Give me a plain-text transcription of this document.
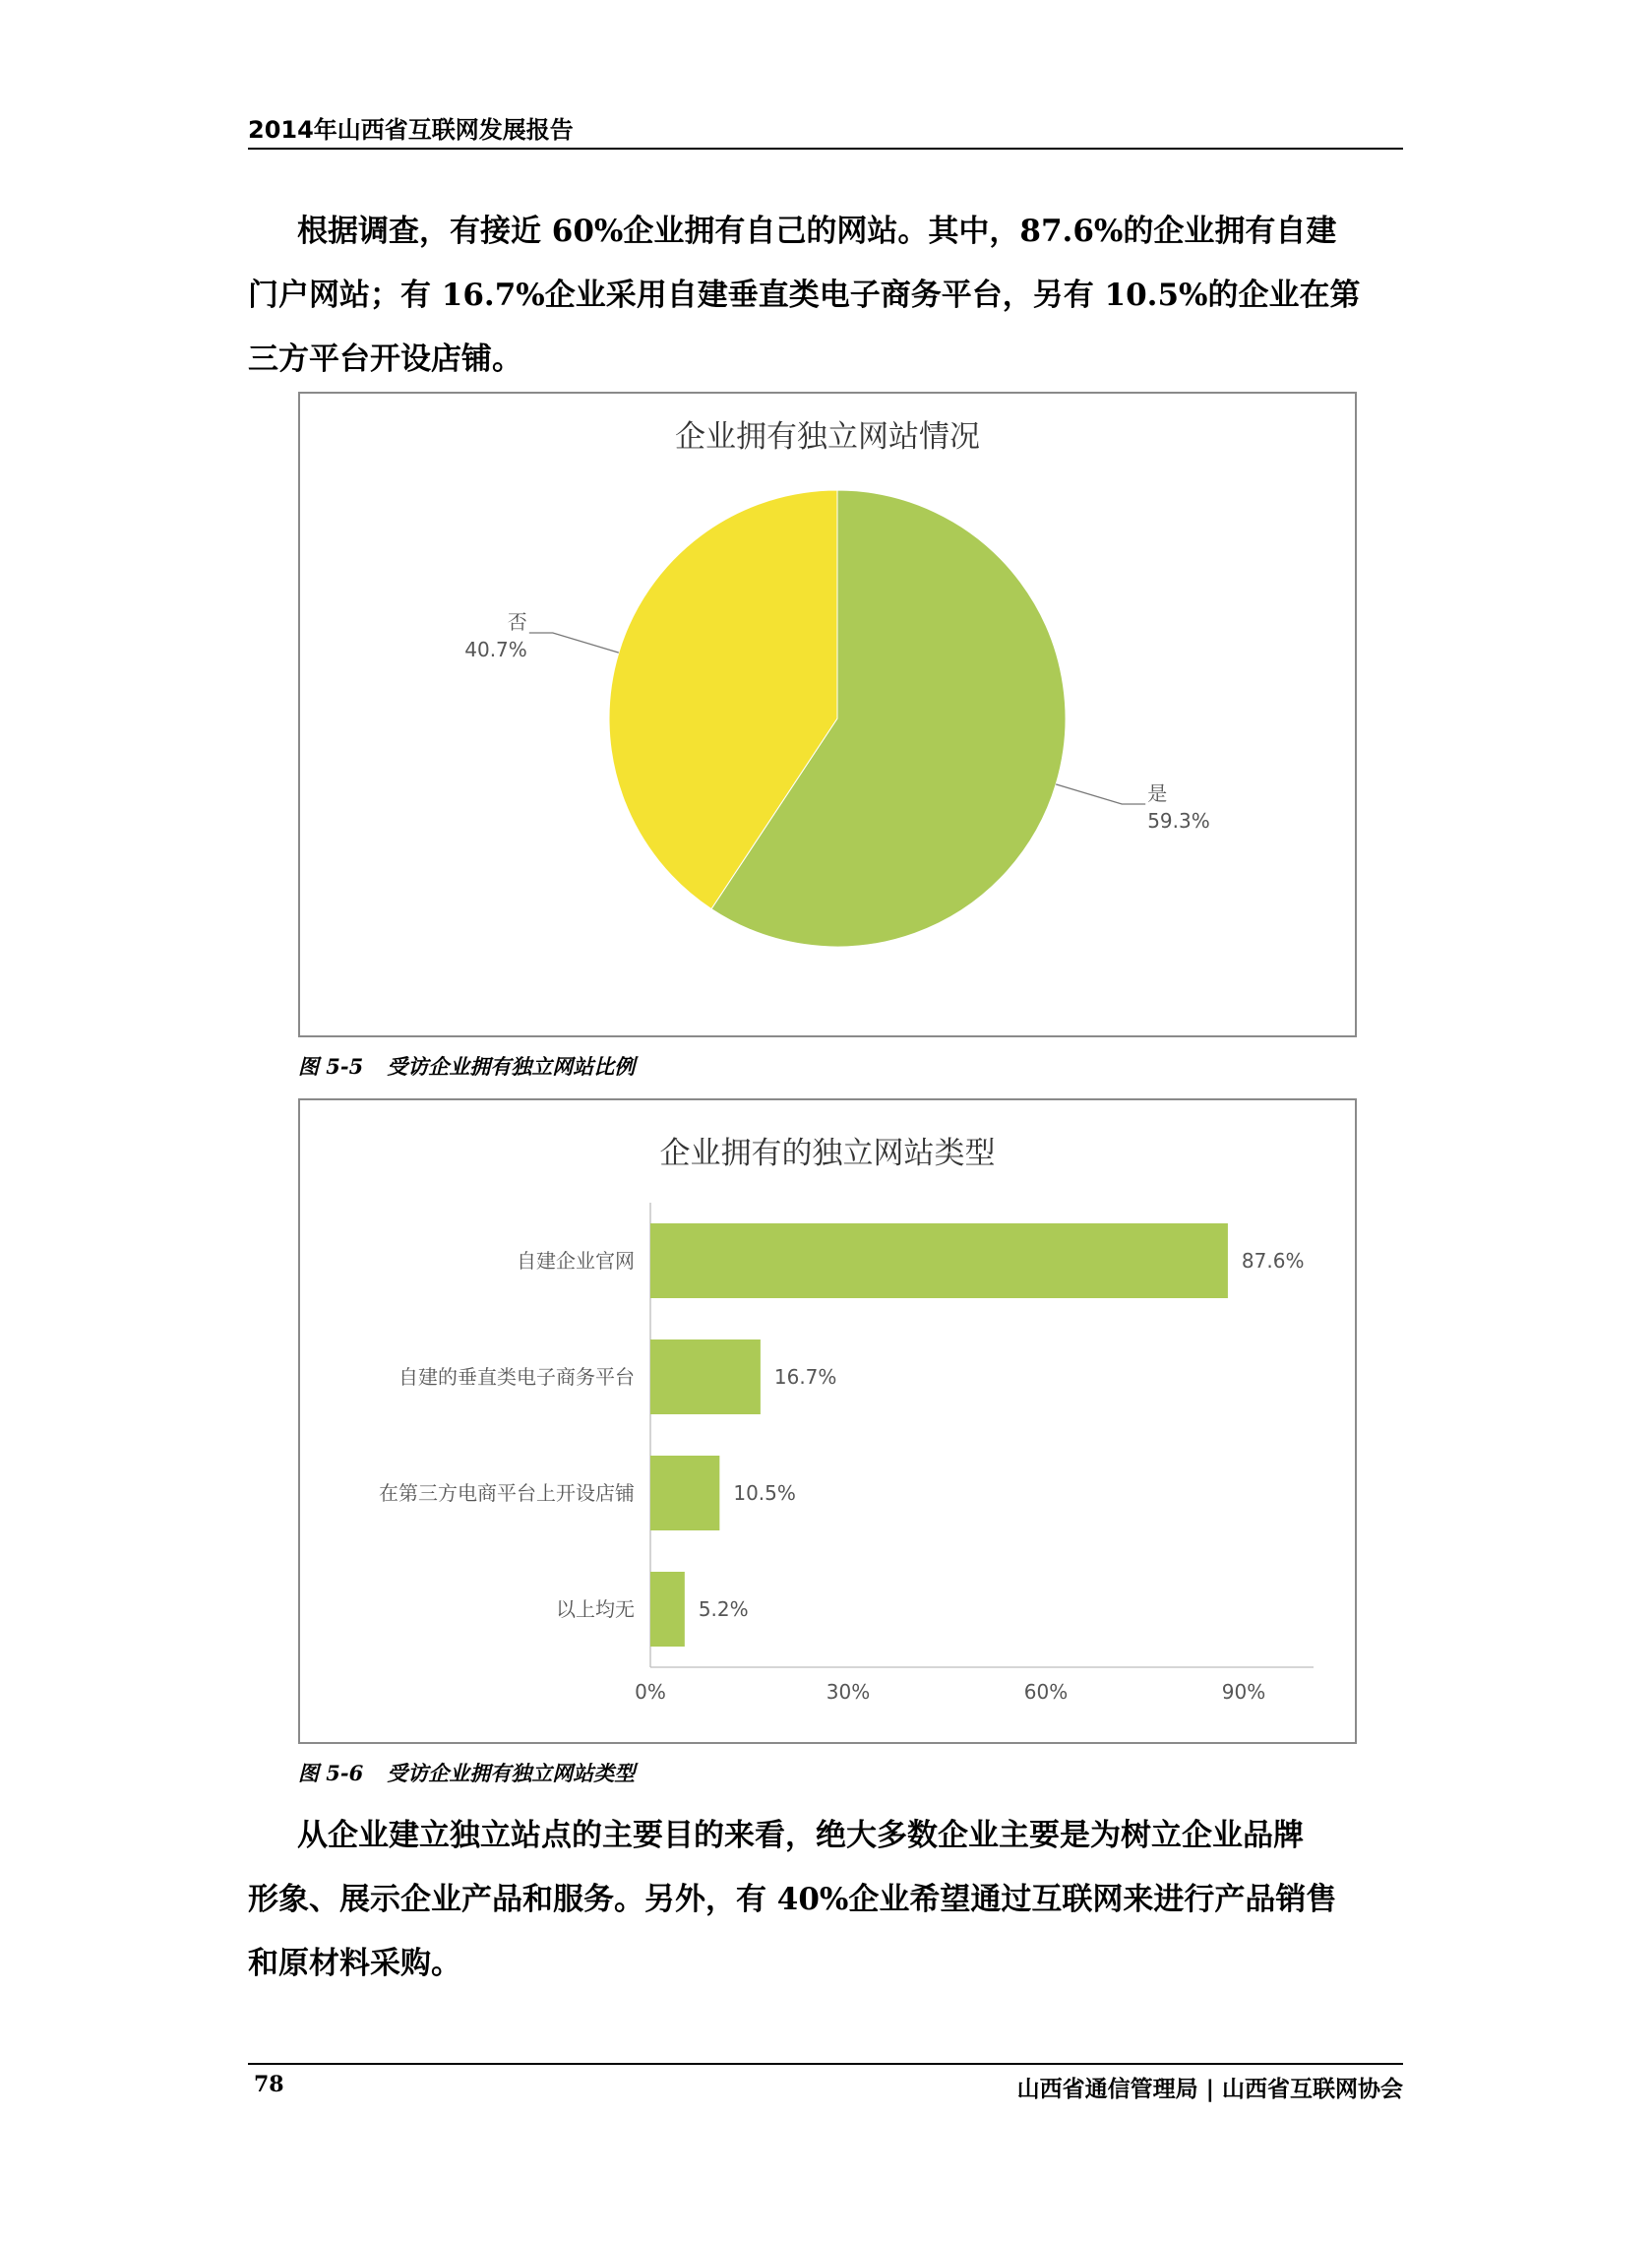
2014年山西省互联网发展报告
根据调查，有接近 60%企业拥有自己的网站。其中，87.6%的企业拥有自建
门户网站；有 16.7%企业采用自建垂直类电子商务平台，另有 10.5%的企业在第
三方平台开设店铺。
企业拥有独立网站情况
是
59.3%
否
40.7%
图 5-5 受访企业拥有独立网站比例
企业拥有的独立网站类型
自建企业官网	87.6%
自建的垂直类电子商务平台	16.7%
在第三方电商平台上开设店铺	10.5%
以上均无	5.2%
0%	30%	60%	90%
图 5-6 受访企业拥有独立网站类型
从企业建立独立站点的主要目的来看，绝大多数企业主要是为树立企业品牌
形象、展示企业产品和服务。另外，有 40%企业希望通过互联网来进行产品销售
和原材料采购。
78	山西省通信管理局 | 山西省互联网协会
